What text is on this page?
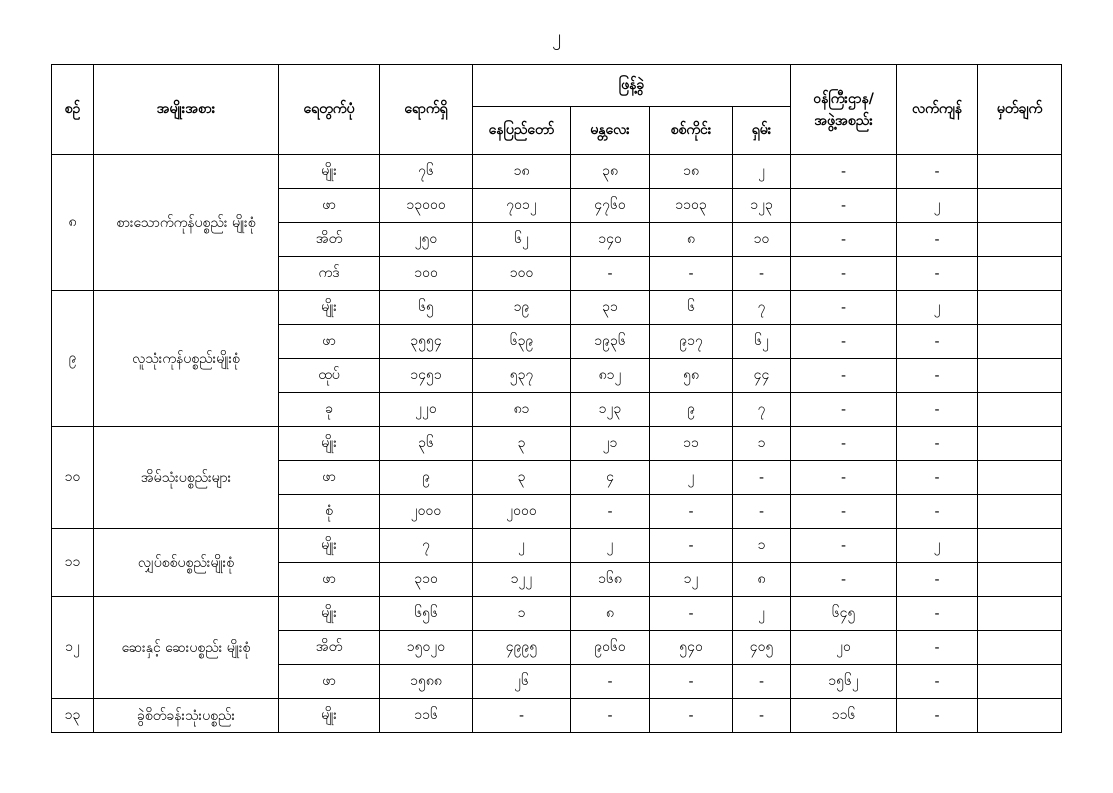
၂
စဉ်	အမျိုးအစား	ရေတွက်ပုံ	ရောက်ရှိ	ဖြန့်ခွဲ				ဝန်ကြီးဌာန/
အဖွဲ့အစည်း	လက်ကျန်	မှတ်ချက်
				နေပြည်တော်	မန္တလေး	စစ်ကိုင်း	ရှမ်း			
၈	စားသောက်ကုန်ပစ္စည်း မျိုးစုံ	မျိုး	၇၆	၁၈	၃၈	၁၈	၂	-	-	
		ဖာ	၁၃၀၀၀	၇၀၁၂	၄၇၆၀	၁၁၀၃	၁၂၃	-	၂	
		အိတ်	၂၅၀	၆၂	၁၄၀	၈	၁၀	-	-	
		ကဒ်	၁၀၀	၁၀၀	-	-	-	-	-	
၉	လူသုံးကုန်ပစ္စည်းမျိုးစုံ	မျိုး	၆၅	၁၉	၃၁	၆	၇	-	၂	
		ဖာ	၃၅၅၄	၆၃၉	၁၉၃၆	၉၁၇	၆၂	-	-	
		ထုပ်	၁၄၅၁	၅၃၇	၈၁၂	၅၈	၄၄	-	-	
		ခု	၂၂၀	၈၁	၁၂၃	၉	၇	-	-	
၁၀	အိမ်သုံးပစ္စည်းများ	မျိုး	၃၆	၃	၂၁	၁၁	၁	-	-	
		ဖာ	၉	၃	၄	၂	-	-	-	
		စုံ	၂၀၀၀	၂၀၀၀	-	-	-	-	-	
၁၁	လျှပ်စစ်ပစ္စည်းမျိုးစုံ	မျိုး	၇	၂	၂	-	၁	-	၂	
		ဖာ	၃၁၀	၁၂၂	၁၆၈	၁၂	၈	-	-	
၁၂	ဆေးနှင့် ဆေးပစ္စည်း မျိုးစုံ	မျိုး	၆၅၆	၁	၈	-	၂	၆၄၅	-	
		အိတ်	၁၅၀၂၀	၄၉၉၅	၉၀၆၀	၅၄၀	၄၀၅	၂၀	-	
		ဖာ	၁၅၈၈	၂၆	-	-	-	၁၅၆၂	-	
၁၃	ခွဲစိတ်ခန်းသုံးပစ္စည်း	မျိုး	၁၁၆	-	-	-	-	၁၁၆	-	
